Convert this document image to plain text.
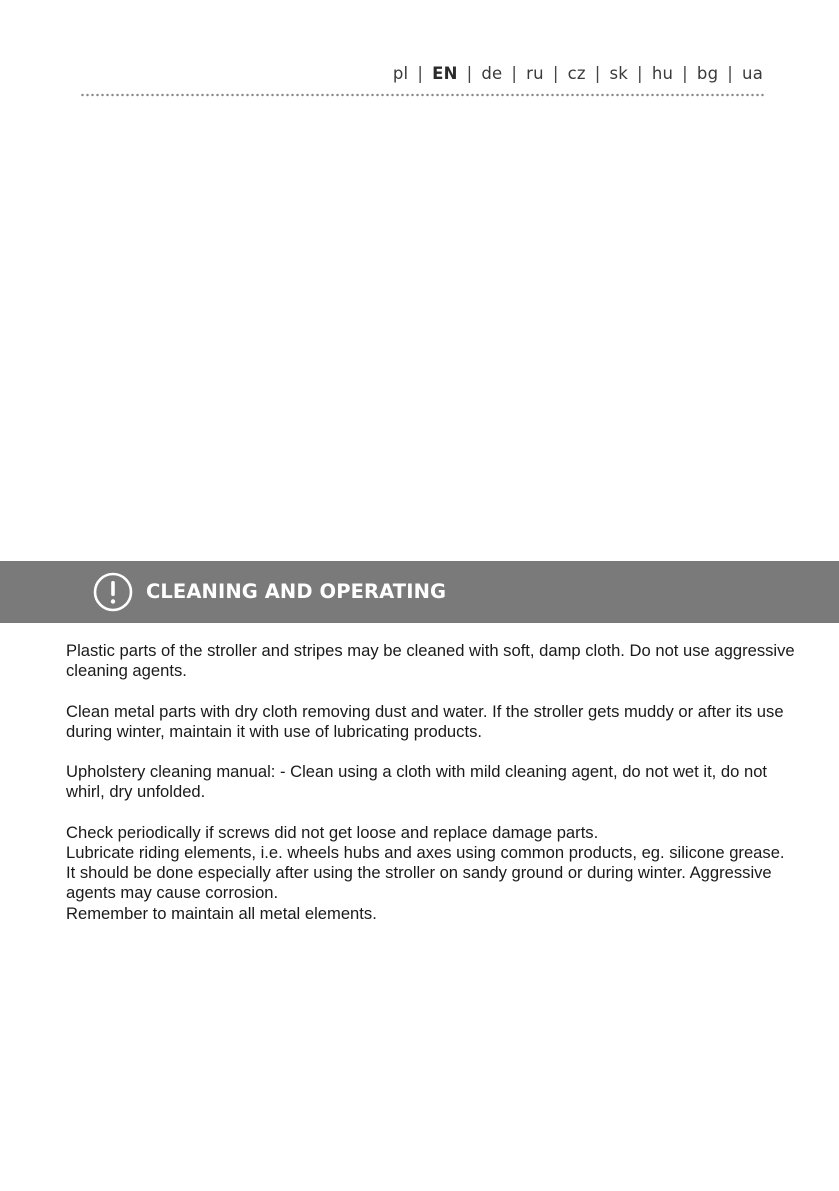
pl | EN | de | ru | cz | sk | hu | bg | ua
CLEANING AND OPERATING

Plastic parts of the stroller and stripes may be cleaned with soft, damp cloth. Do not use aggressive cleaning agents.

Clean metal parts with dry cloth removing dust and water. If the stroller gets muddy or after its use during winter, maintain it with use of lubricating products.

Upholstery cleaning manual: - Clean using a cloth with mild cleaning agent, do not wet it, do not whirl, dry unfolded.

Check periodically if screws did not get loose and replace damage parts.

Lubricate riding elements, i.e. wheels hubs and axes using common products, eg. silicone grease. It should be done especially after using the stroller on sandy ground or during winter. Aggressive agents may cause corrosion.

Remember to maintain all metal elements.
